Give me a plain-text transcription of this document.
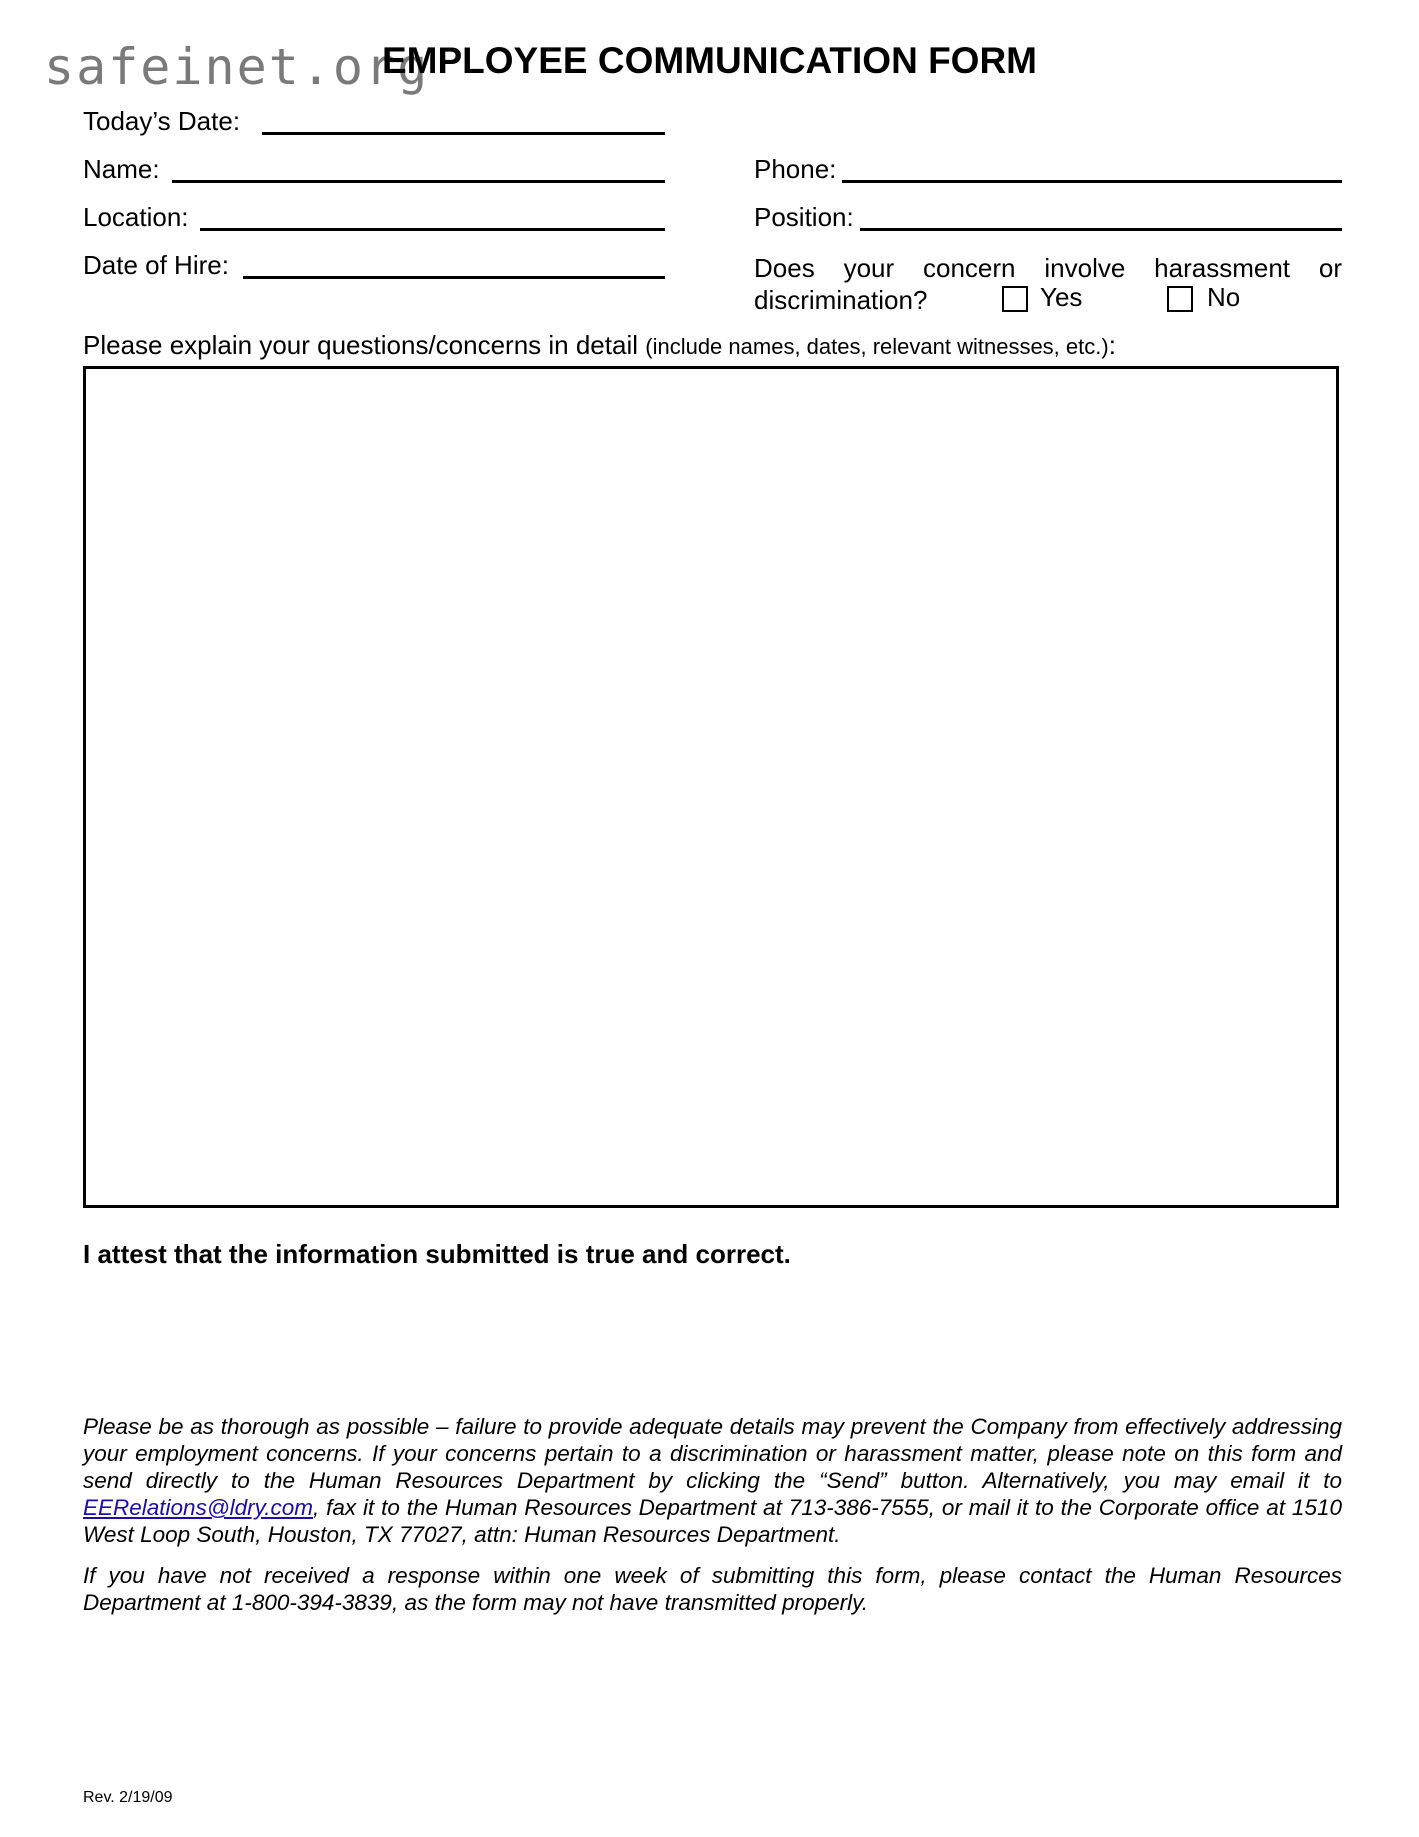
safeinet.org
EMPLOYEE COMMUNICATION FORM
Today’s Date:
Name:
Location:
Date of Hire:
Phone:
Position:
Does your concern involve harassment or
discrimination?	Yes	No
Please explain your questions/concerns in detail (include names, dates, relevant witnesses, etc.):
I attest that the information submitted is true and correct.
Please be as thorough as possible – failure to provide adequate details may prevent the Company from effectively addressing your employment concerns. If your concerns pertain to a discrimination or harassment matter, please note on this form and send directly to the Human Resources Department by clicking the “Send” button. Alternatively, you may email it to EERelations@ldry.com, fax it to the Human Resources Department at 713-386-7555, or mail it to the Corporate office at 1510 West Loop South, Houston, TX 77027, attn: Human Resources Department.
If you have not received a response within one week of submitting this form, please contact the Human Resources Department at 1-800-394-3839, as the form may not have transmitted properly.
Rev. 2/19/09
